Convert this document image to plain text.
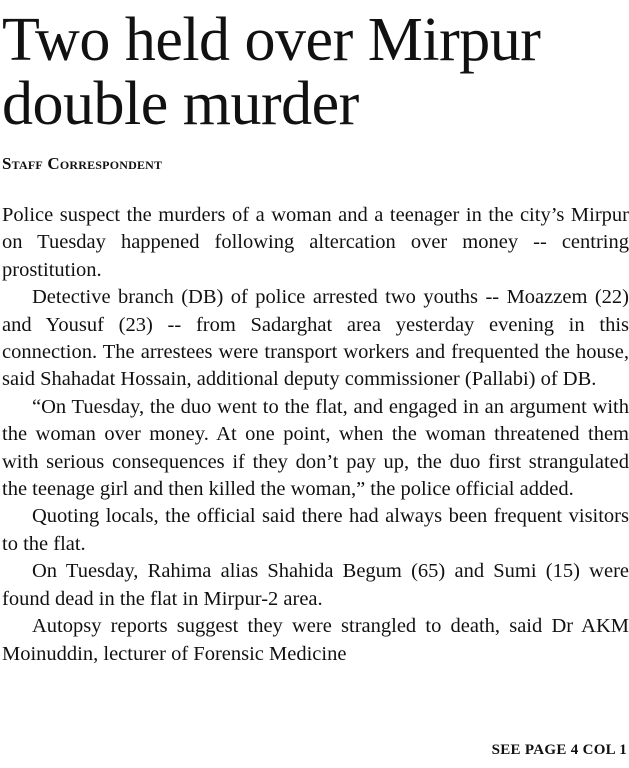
Two held over Mirpur double murder
Staff Correspondent

Police suspect the murders of a woman and a teenager in the city’s Mirpur on Tuesday happened following altercation over money -- centring prostitution.

Detective branch (DB) of police arrested two youths -- Moazzem (22) and Yousuf (23) -- from Sadarghat area yesterday evening in this connection. The arrestees were transport workers and frequented the house, said Shahadat Hossain, additional deputy commissioner (Pallabi) of DB.

“On Tuesday, the duo went to the flat, and engaged in an argument with the woman over money. At one point, when the woman threatened them with serious consequences if they don’t pay up, the duo first strangulated the teenage girl and then killed the woman,” the police official added.

Quoting locals, the official said there had always been frequent visitors to the flat.

On Tuesday, Rahima alias Shahida Begum (65) and Sumi (15) were found dead in the flat in Mirpur-2 area.

Autopsy reports suggest they were strangled to death, said Dr AKM Moinuddin, lecturer of Forensic Medicine

SEE PAGE 4 COL 1
